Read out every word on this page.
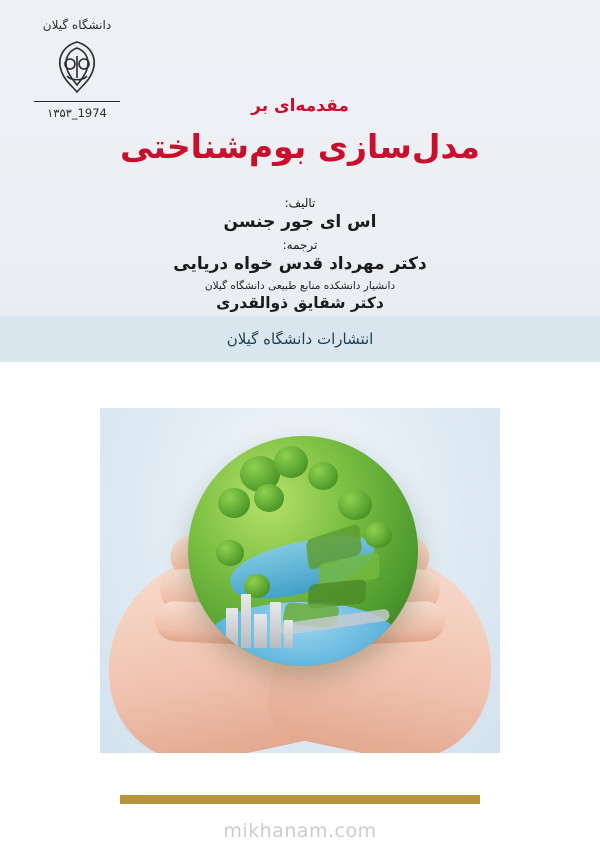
دانشگاه گیلان
۱۳۵۳_1974	مقدمه‌ای بر
مدل‌سازی بوم‌شناختی
تالیف:
اس ای جور جنسن
ترجمه:
دکتر مهرداد قدس خواه دریایی
دانشیار دانشکده منابع طبیعی دانشگاه گیلان
دکتر شقایق ذوالقدری
انتشارات دانشگاه گیلان
mikhanam.com
